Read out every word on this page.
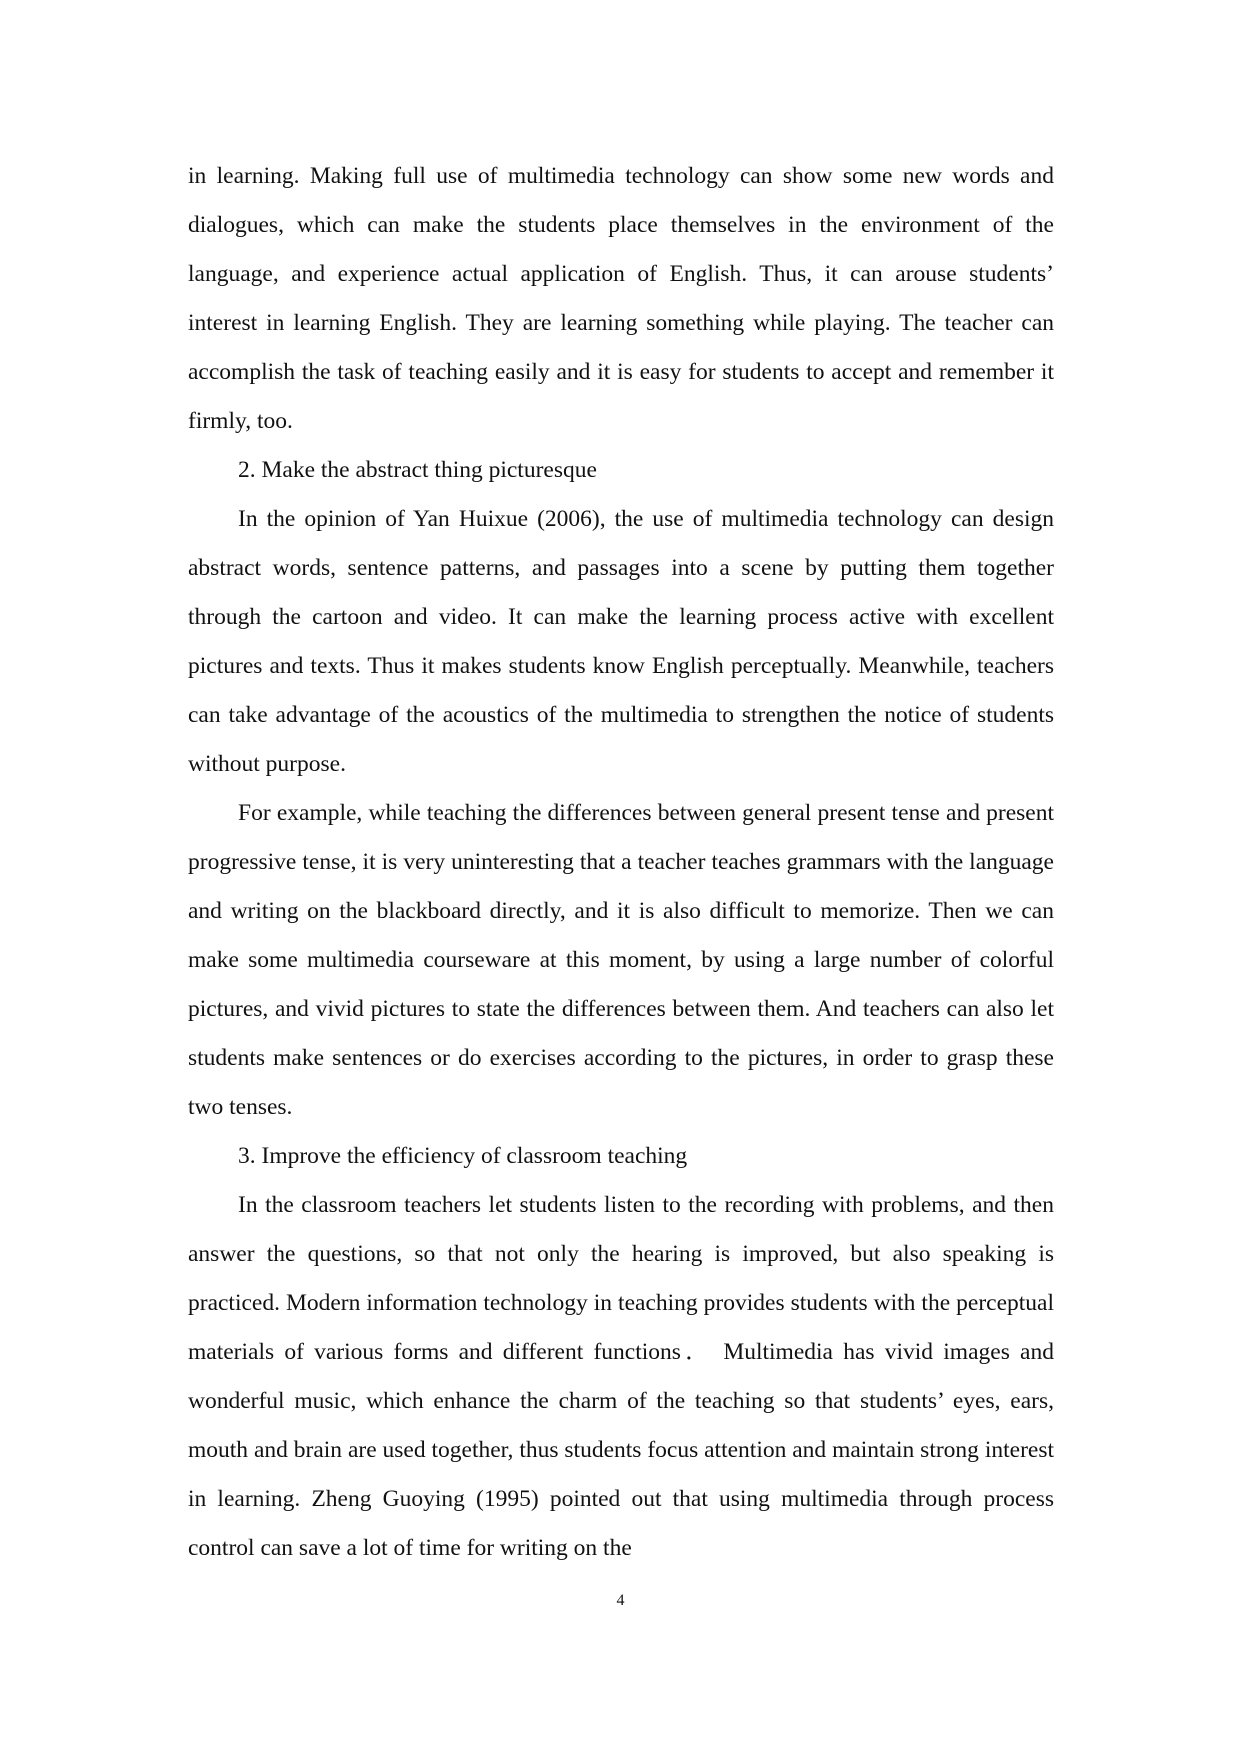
in learning. Making full use of multimedia technology can show some new words and dialogues, which can make the students place themselves in the environment of the language, and experience actual application of English. Thus, it can arouse students’ interest in learning English. They are learning something while playing. The teacher can accomplish the task of teaching easily and it is easy for students to accept and remember it firmly, too.

2. Make the abstract thing picturesque

In the opinion of Yan Huixue (2006), the use of multimedia technology can design abstract words, sentence patterns, and passages into a scene by putting them together through the cartoon and video. It can make the learning process active with excellent pictures and texts. Thus it makes students know English perceptually. Meanwhile, teachers can take advantage of the acoustics of the multimedia to strengthen the notice of students without purpose.

For example, while teaching the differences between general present tense and present progressive tense, it is very uninteresting that a teacher teaches grammars with the language and writing on the blackboard directly, and it is also difficult to memorize. Then we can make some multimedia courseware at this moment, by using a large number of colorful pictures, and vivid pictures to state the differences between them. And teachers can also let students make sentences or do exercises according to the pictures, in order to grasp these two tenses.

3. Improve the efficiency of classroom teaching

In the classroom teachers let students listen to the recording with problems, and then answer the questions, so that not only the hearing is improved, but also speaking is practiced. Modern information technology in teaching provides students with the perceptual materials of various forms and different functions． Multimedia has vivid images and wonderful music, which enhance the charm of the teaching so that students’ eyes, ears, mouth and brain are used together, thus students focus attention and maintain strong interest in learning. Zheng Guoying (1995) pointed out that using multimedia through process control can save a lot of time for writing on the

4
